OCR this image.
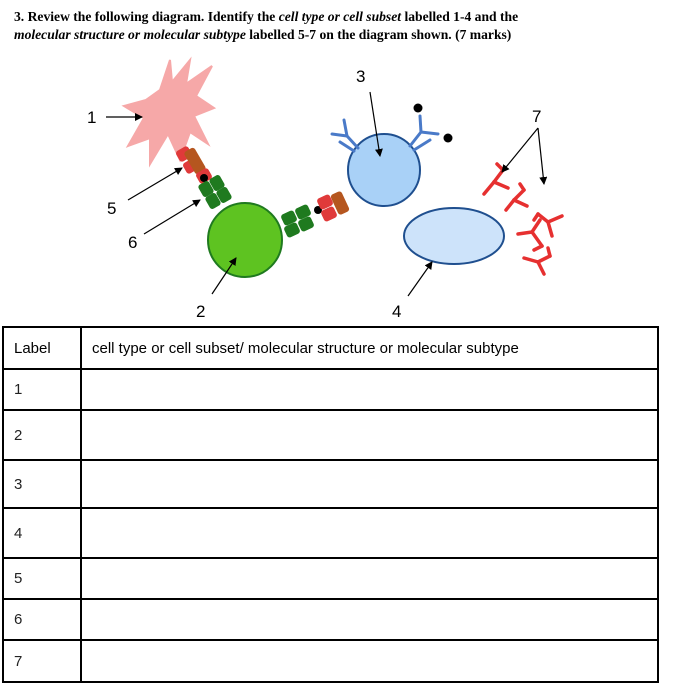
3. Review the following diagram. Identify the cell type or cell subset labelled 1-4 and the
molecular structure or molecular subtype labelled 5-7 on the diagram shown. (7 marks)
1
2
3
4
5
6
7
Label	cell type or cell subset/ molecular structure or molecular subtype
1	
2	
3	
4	
5	
6	
7	
